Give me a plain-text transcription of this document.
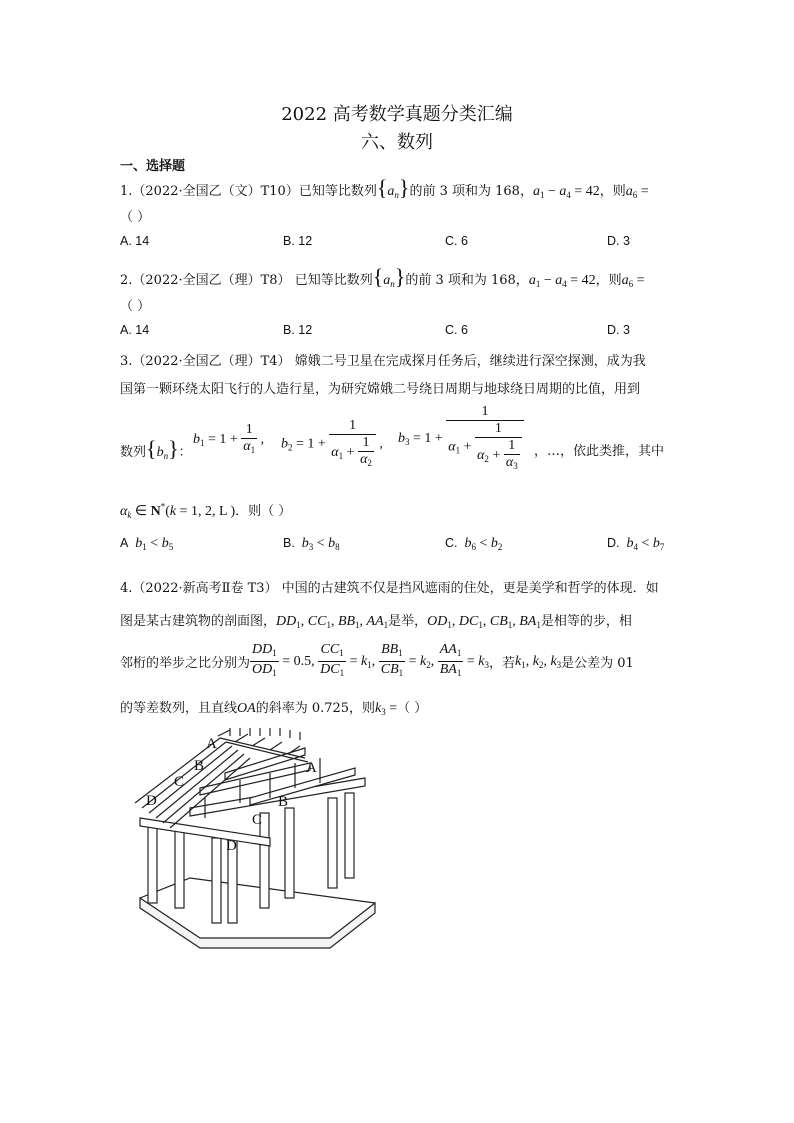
2022 高考数学真题分类汇编
六、数列
一、选择题
1.（2022·全国乙（文）T10）已知等比数列$\{a_n\}$的前 3 项和为 168，$a_1 - a_4 = 42$，则$a_6$ =
（ ）
A. 14	B. 12	C. 6	D. 3
2.（2022·全国乙（理）T8） 已知等比数列$\{a_n\}$的前 3 项和为 168，$a_1 - a_4 = 42$，则$a_6$ =
（ ）
A. 14	B. 12	C. 6	D. 3
3.（2022·全国乙（理）T4） 嫦娥二号卫星在完成探月任务后，继续进行深空探测，成为我
国第一颗环绕太阳飞行的人造行星，为研究嫦娥二号绕日周期与地球绕日周期的比值，用到
数列$\{b_n\}$：
$b_1 = 1 + \frac{1}{\alpha_1}$ , $b_2 = 1 + \frac{1}{\alpha_1 + \frac{1}{\alpha_2}}$ , $b_3 = 1 + \frac{1}{\alpha_1 + \frac{1}{\alpha_2 + \frac{1}{\alpha_3}}}$ ，…，依此类推，其中
$\alpha_k$ ∈ N*(k = 1, 2, L )．则（ ）
A $b_1 < b_5$	B. $b_3 < b_8$	C. $b_6 < b_2$	D. $b_4 < b_7$
4.（2022·新高考Ⅱ卷 T3） 中国的古建筑不仅是挡风遮雨的住处，更是美学和哲学的体现．如
图是某古建筑物的剖面图，$DD_1$, $CC_1$, $BB_1$, $AA_1$是举，$OD_1$, $DC_1$, $CB_1$, $BA_1$是相等的步，相
邻桁的举步之比分别为 $\frac{DD_1}{OD_1} = 0.5$, $\frac{CC_1}{DC_1} = k_1$, $\frac{BB_1}{CB_1} = k_2$, $\frac{AA_1}{BA_1} = k_3$，若$k_1$, $k_2$, $k_3$是公差为 01
的等差数列，且直线OA的斜率为 0.725，则$k_3$ =（ ）
A
B
C
D
A
B
C
D
